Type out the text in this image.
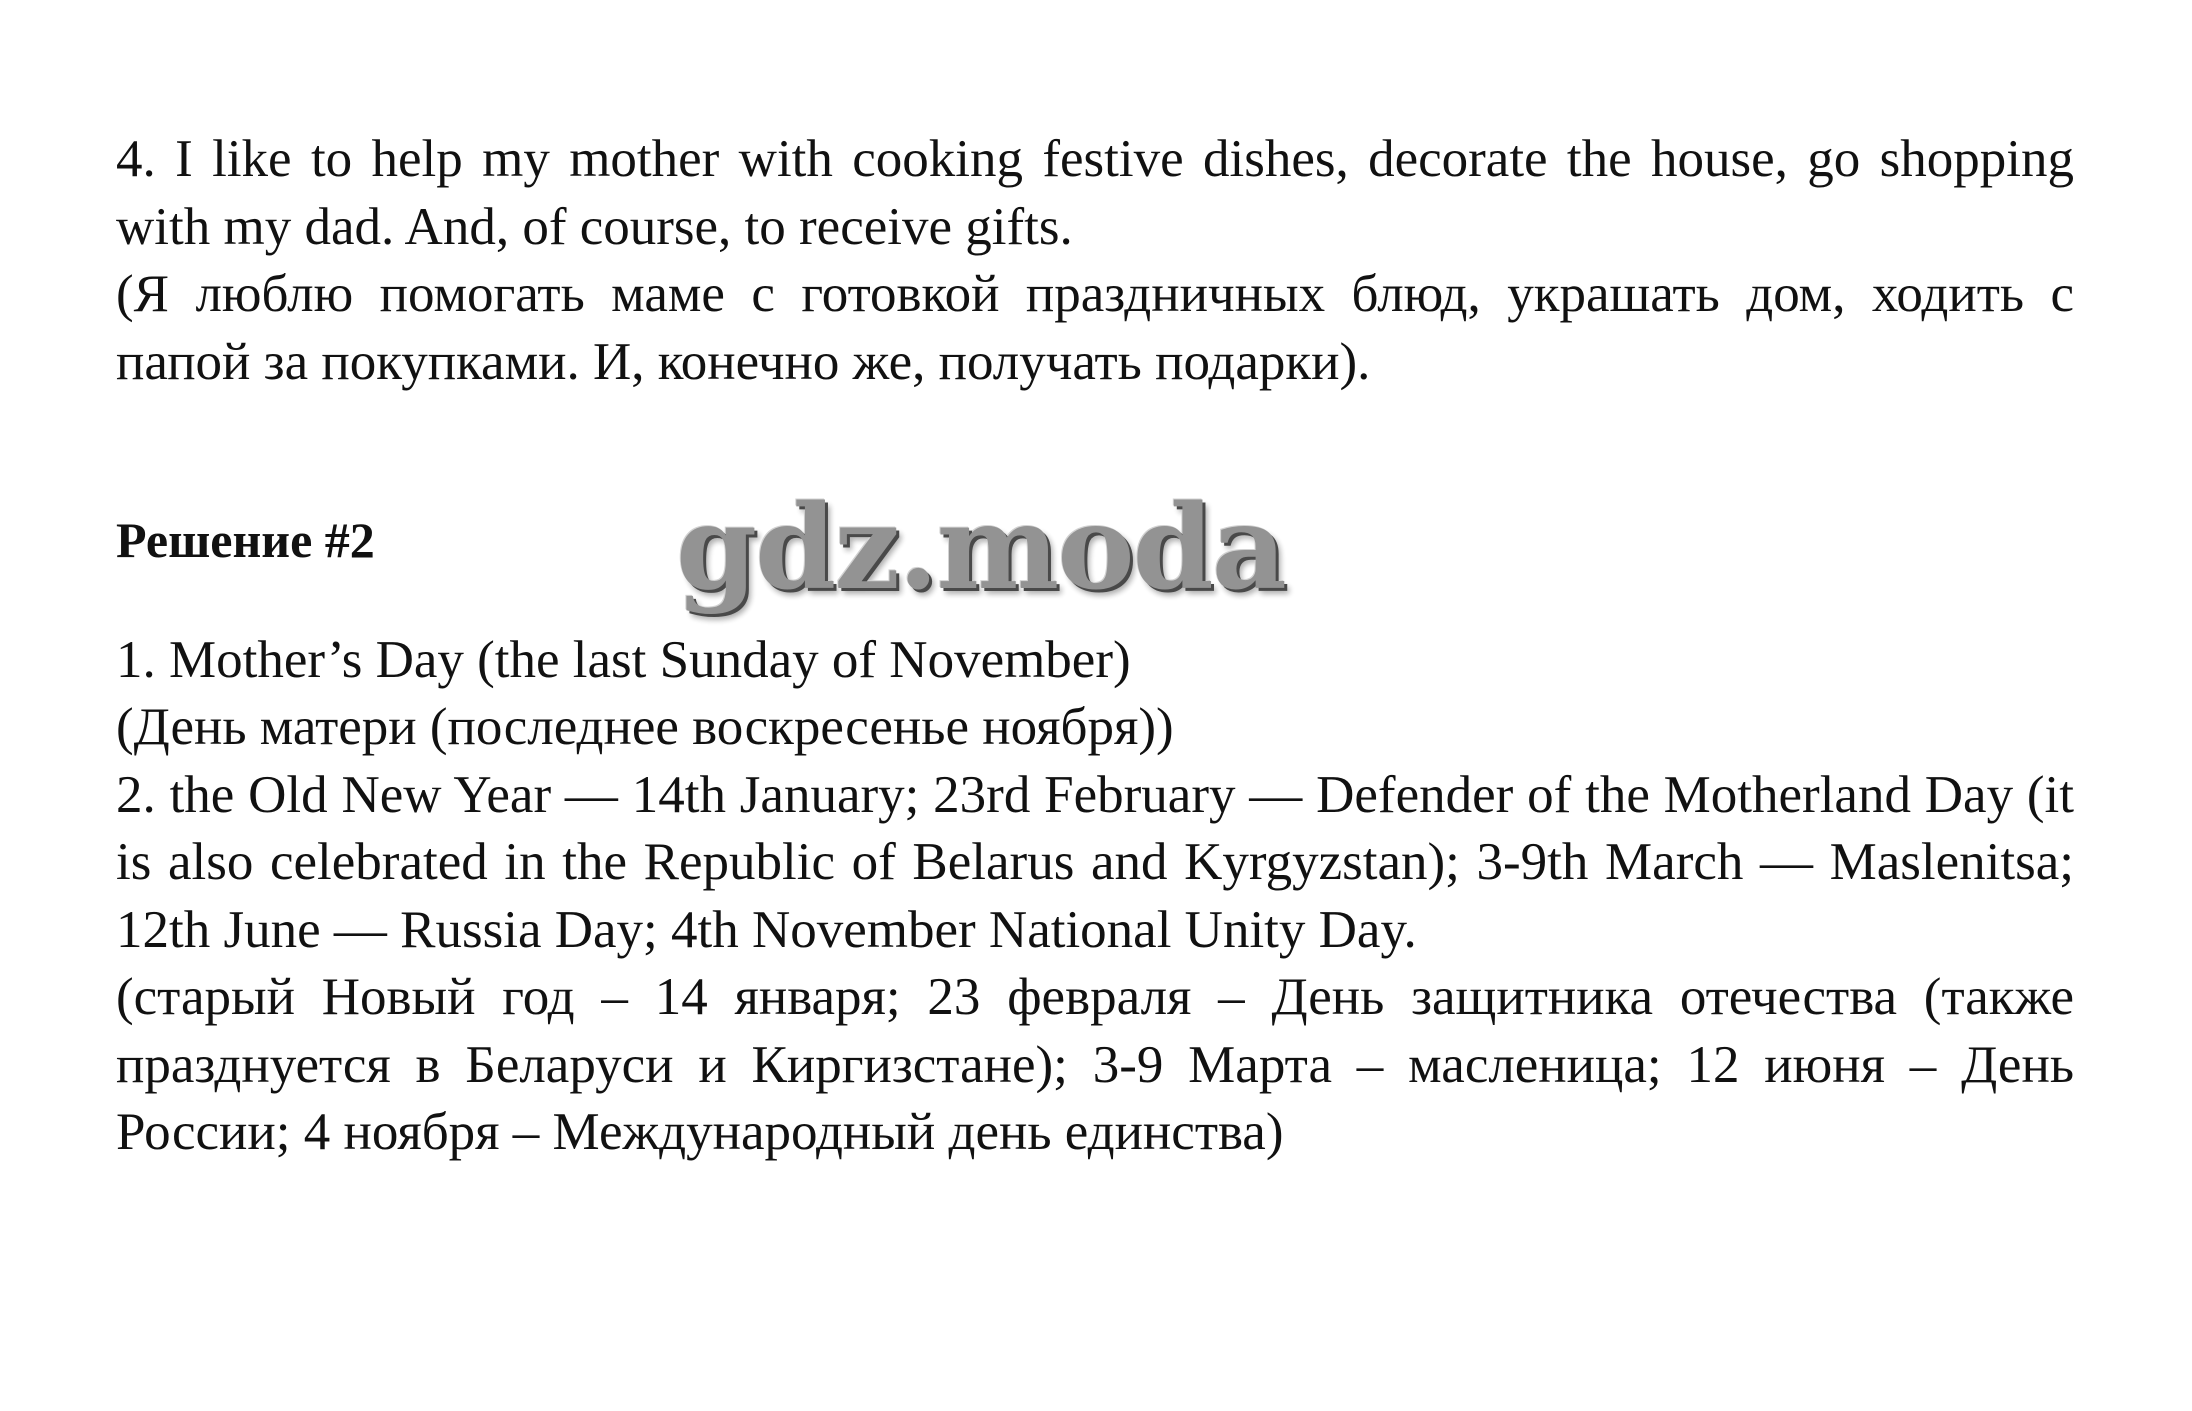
4. I like to help my mother with cooking festive dishes, decorate the house, go shopping with my dad. And, of course, to receive gifts.

(Я люблю помогать маме с готовкой праздничных блюд, украшать дом, ходить с папой за покупками. И, конечно же, получать подарки).

gdz.moda

Решение #2

1. Mother’s Day (the last Sunday of November)

(День матери (последнее воскресенье ноября))

2. the Old New Year — 14th January; 23rd February — Defender of the Motherland Day (it is also celebrated in the Republic of Belarus and Kyrgyzstan); 3-9th March — Maslenitsa; 12th June — Russia Day; 4th November National Unity Day.

(старый Новый год – 14 января; 23 февраля – День защитника отечества (также празднуется в Беларуси и Киргизстане); 3-9 Марта – масленица; 12 июня – День России; 4 ноября – Международный день единства)
